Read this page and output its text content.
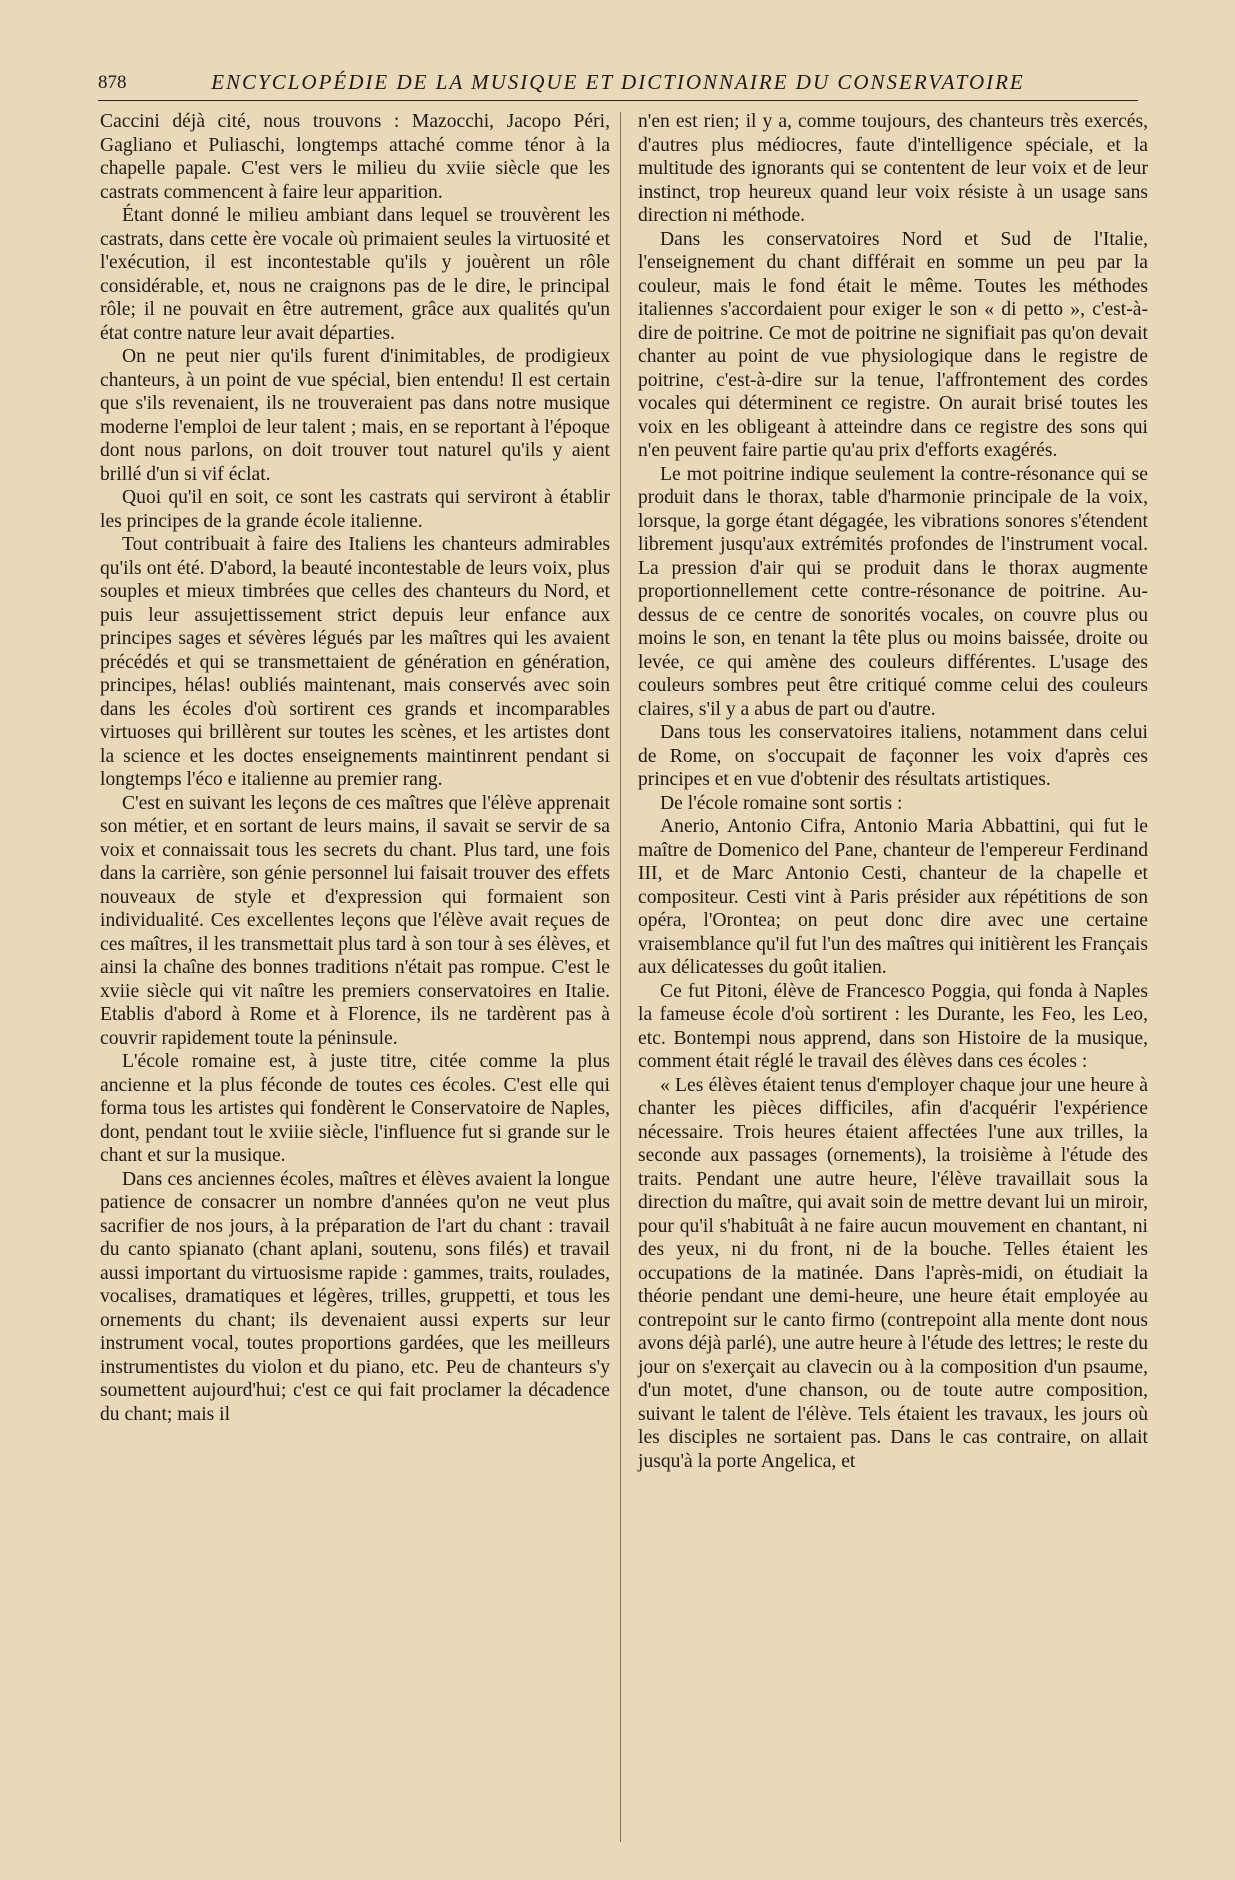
878	ENCYCLOPÉDIE DE LA MUSIQUE ET DICTIONNAIRE DU CONSERVATOIRE

Caccini déjà cité, nous trouvons : Mazocchi, Jacopo Péri, Gagliano et Puliaschi, longtemps attaché comme ténor à la chapelle papale. C'est vers le milieu du xviie siècle que les castrats commencent à faire leur apparition.

Étant donné le milieu ambiant dans lequel se trouvèrent les castrats, dans cette ère vocale où primaient seules la virtuosité et l'exécution, il est incontestable qu'ils y jouèrent un rôle considérable, et, nous ne craignons pas de le dire, le principal rôle; il ne pouvait en être autrement, grâce aux qualités qu'un état contre nature leur avait départies.

On ne peut nier qu'ils furent d'inimitables, de prodigieux chanteurs, à un point de vue spécial, bien entendu! Il est certain que s'ils revenaient, ils ne trouveraient pas dans notre musique moderne l'emploi de leur talent ; mais, en se reportant à l'époque dont nous parlons, on doit trouver tout naturel qu'ils y aient brillé d'un si vif éclat.

Quoi qu'il en soit, ce sont les castrats qui serviront à établir les principes de la grande école italienne.

Tout contribuait à faire des Italiens les chanteurs admirables qu'ils ont été. D'abord, la beauté incontestable de leurs voix, plus souples et mieux timbrées que celles des chanteurs du Nord, et puis leur assujettissement strict depuis leur enfance aux principes sages et sévères légués par les maîtres qui les avaient précédés et qui se transmettaient de génération en génération, principes, hélas! oubliés maintenant, mais conservés avec soin dans les écoles d'où sortirent ces grands et incomparables virtuoses qui brillèrent sur toutes les scènes, et les artistes dont la science et les doctes enseignements maintinrent pendant si longtemps l'éco e italienne au premier rang.

C'est en suivant les leçons de ces maîtres que l'élève apprenait son métier, et en sortant de leurs mains, il savait se servir de sa voix et connaissait tous les secrets du chant. Plus tard, une fois dans la carrière, son génie personnel lui faisait trouver des effets nouveaux de style et d'expression qui formaient son individualité. Ces excellentes leçons que l'élève avait reçues de ces maîtres, il les transmettait plus tard à son tour à ses élèves, et ainsi la chaîne des bonnes traditions n'était pas rompue. C'est le xviie siècle qui vit naître les premiers conservatoires en Italie. Etablis d'abord à Rome et à Florence, ils ne tardèrent pas à couvrir rapidement toute la péninsule.

L'école romaine est, à juste titre, citée comme la plus ancienne et la plus féconde de toutes ces écoles. C'est elle qui forma tous les artistes qui fondèrent le Conservatoire de Naples, dont, pendant tout le xviiie siècle, l'influence fut si grande sur le chant et sur la musique.

Dans ces anciennes écoles, maîtres et élèves avaient la longue patience de consacrer un nombre d'années qu'on ne veut plus sacrifier de nos jours, à la préparation de l'art du chant : travail du canto spianato (chant aplani, soutenu, sons filés) et travail aussi important du virtuosisme rapide : gammes, traits, roulades, vocalises, dramatiques et légères, trilles, gruppetti, et tous les ornements du chant; ils devenaient aussi experts sur leur instrument vocal, toutes proportions gardées, que les meilleurs instrumentistes du violon et du piano, etc. Peu de chanteurs s'y soumettent aujourd'hui; c'est ce qui fait proclamer la décadence du chant; mais il

n'en est rien; il y a, comme toujours, des chanteurs très exercés, d'autres plus médiocres, faute d'intelligence spéciale, et la multitude des ignorants qui se contentent de leur voix et de leur instinct, trop heureux quand leur voix résiste à un usage sans direction ni méthode.

Dans les conservatoires Nord et Sud de l'Italie, l'enseignement du chant différait en somme un peu par la couleur, mais le fond était le même. Toutes les méthodes italiennes s'accordaient pour exiger le son « di petto », c'est-à-dire de poitrine. Ce mot de poitrine ne signifiait pas qu'on devait chanter au point de vue physiologique dans le registre de poitrine, c'est-à-dire sur la tenue, l'affrontement des cordes vocales qui déterminent ce registre. On aurait brisé toutes les voix en les obligeant à atteindre dans ce registre des sons qui n'en peuvent faire partie qu'au prix d'efforts exagérés.

Le mot poitrine indique seulement la contre-résonance qui se produit dans le thorax, table d'harmonie principale de la voix, lorsque, la gorge étant dégagée, les vibrations sonores s'étendent librement jusqu'aux extrémités profondes de l'instrument vocal. La pression d'air qui se produit dans le thorax augmente proportionnellement cette contre-résonance de poitrine. Au-dessus de ce centre de sonorités vocales, on couvre plus ou moins le son, en tenant la tête plus ou moins baissée, droite ou levée, ce qui amène des couleurs différentes. L'usage des couleurs sombres peut être critiqué comme celui des couleurs claires, s'il y a abus de part ou d'autre.

Dans tous les conservatoires italiens, notamment dans celui de Rome, on s'occupait de façonner les voix d'après ces principes et en vue d'obtenir des résultats artistiques.

De l'école romaine sont sortis :

Anerio, Antonio Cifra, Antonio Maria Abbattini, qui fut le maître de Domenico del Pane, chanteur de l'empereur Ferdinand III, et de Marc Antonio Cesti, chanteur de la chapelle et compositeur. Cesti vint à Paris présider aux répétitions de son opéra, l'Orontea; on peut donc dire avec une certaine vraisemblance qu'il fut l'un des maîtres qui initièrent les Français aux délicatesses du goût italien.

Ce fut Pitoni, élève de Francesco Poggia, qui fonda à Naples la fameuse école d'où sortirent : les Durante, les Feo, les Leo, etc. Bontempi nous apprend, dans son Histoire de la musique, comment était réglé le travail des élèves dans ces écoles :

« Les élèves étaient tenus d'employer chaque jour une heure à chanter les pièces difficiles, afin d'acquérir l'expérience nécessaire. Trois heures étaient affectées l'une aux trilles, la seconde aux passages (ornements), la troisième à l'étude des traits. Pendant une autre heure, l'élève travaillait sous la direction du maître, qui avait soin de mettre devant lui un miroir, pour qu'il s'habituât à ne faire aucun mouvement en chantant, ni des yeux, ni du front, ni de la bouche. Telles étaient les occupations de la matinée. Dans l'après-midi, on étudiait la théorie pendant une demi-heure, une heure était employée au contrepoint sur le canto firmo (contrepoint alla mente dont nous avons déjà parlé), une autre heure à l'étude des lettres; le reste du jour on s'exerçait au clavecin ou à la composition d'un psaume, d'un motet, d'une chanson, ou de toute autre composition, suivant le talent de l'élève. Tels étaient les travaux, les jours où les disciples ne sortaient pas. Dans le cas contraire, on allait jusqu'à la porte Angelica, et
